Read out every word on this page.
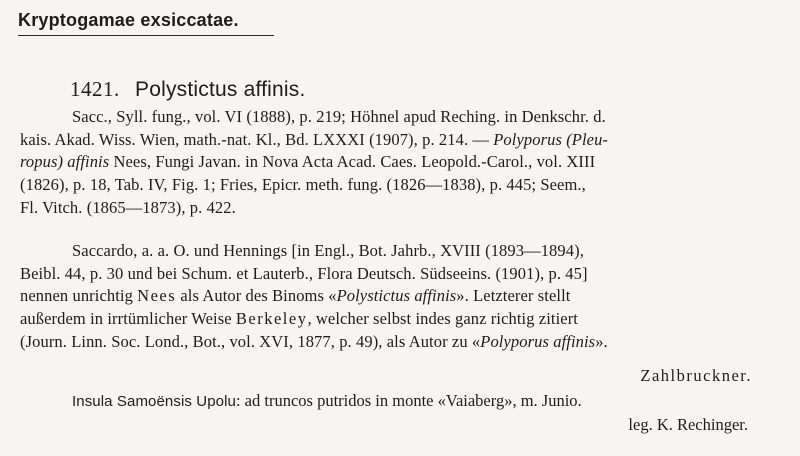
Kryptogamae exsiccatae.
1421. Polystictus affinis.
Sacc., Syll. fung., vol. VI (1888), p. 219; Höhnel apud Reching. in Denkschr. d.
kais. Akad. Wiss. Wien, math.-nat. Kl., Bd. LXXXI (1907), p. 214. — Polyporus (Pleu-
ropus) affinis Nees, Fungi Javan. in Nova Acta Acad. Caes. Leopold.-Carol., vol. XIII
(1826), p. 18, Tab. IV, Fig. 1; Fries, Epicr. meth. fung. (1826—1838), p. 445; Seem.,
Fl. Vitch. (1865—1873), p. 422.
Saccardo, a. a. O. und Hennings [in Engl., Bot. Jahrb., XVIII (1893—1894),
Beibl. 44, p. 30 und bei Schum. et Lauterb., Flora Deutsch. Südseeins. (1901), p. 45]
nennen unrichtig Nees als Autor des Binoms «Polystictus affinis». Letzterer stellt
außerdem in irrtümlicher Weise Berkeley, welcher selbst indes ganz richtig zitiert
(Journ. Linn. Soc. Lond., Bot., vol. XVI, 1877, p. 49), als Autor zu «Polyporus affinis».
Zahlbruckner.
Insula Samoënsis Upolu: ad truncos putridos in monte «Vaiaberg», m. Junio.
leg. K. Rechinger.
